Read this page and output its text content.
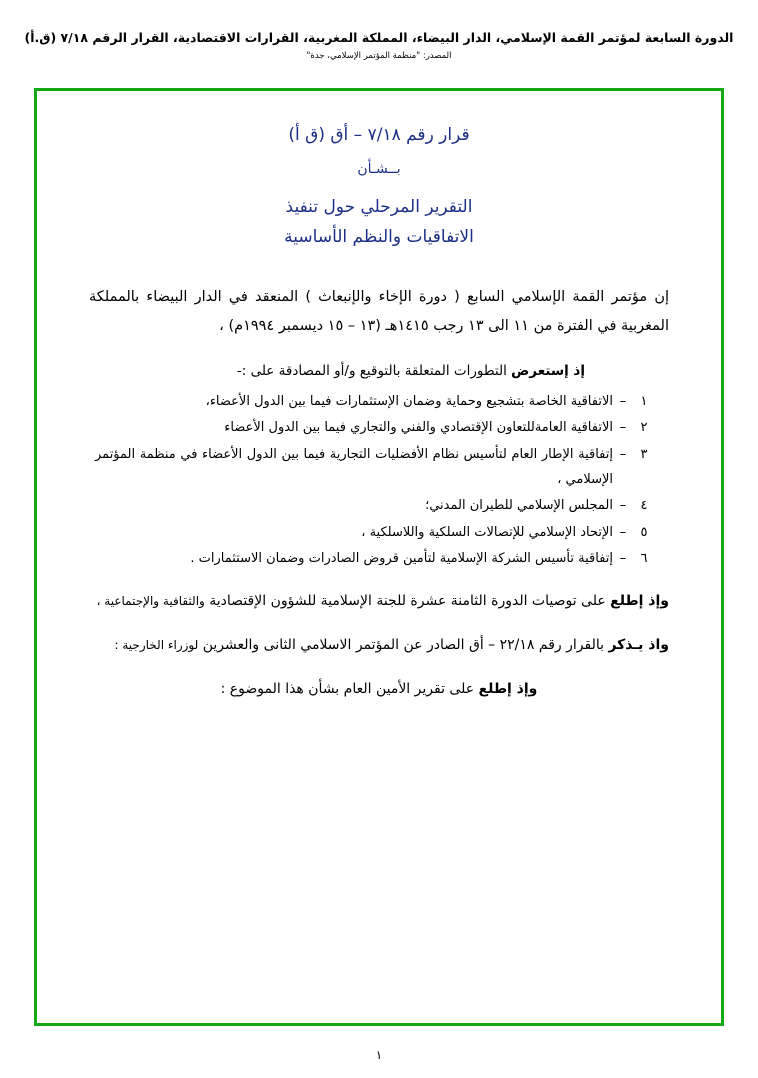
الدورة السابعة لمؤتمر القمة الإسلامي، الدار البيضاء، المملكة المغربية، القرارات الاقتصادية، القرار الرقم ٧/١٨ (ق.أ)
المصدر: "منظمة المؤتمر الإسلامي، جدة"
قرار رقم ٧/١٨ – أق (ق أ)
بــشـأن
التقرير المرحلي حول تنفيذ
الاتفاقيات والنظم الأساسية

إن مؤتمر القمة الإسلامي السابع ( دورة الإخاء والإنبعاث ) المنعقد في الدار البيضاء بالمملكة المغربية في الفترة من ١١ الى ١٣ رجب ١٤١٥هـ (١٣ – ١٥ ديسمبر ١٩٩٤م) ،

إذ إستعرض التطورات المتعلقة بالتوقيع و/أو المصادقة على :-
١
–
الاتفاقية الخاصة بتشجيع وحماية وضمان الإستثمارات فيما بين الدول الأعضاء،
٢
–
الاتفاقية العامةللتعاون الإقتصادي والفني والتجاري فيما بين الدول الأعضاء
٣
–
إتفاقية الإطار العام لتأسيس نظام الأفضليات التجارية فيما بين الدول الأعضاء في منظمة المؤتمر الإسلامي ،
٤
–
المجلس الإسلامي للطيران المدني؛
٥
–
الإتحاد الإسلامي للإتصالات السلكية واللاسلكية ،
٦
–
إتفاقية تأسيس الشركة الإسلامية لتأمين قروض الصادرات وضمان الاستثمارات .
وإذ إطلع على توصيات الدورة الثامنة عشرة للجنة الإسلامية للشؤون الإقتصادية والثقافية والإجتماعية ،
واذ يـذكر بالقرار رقم ٢٢/١٨ – أق الصادر عن المؤتمر الاسلامي الثانى والعشرين لوزراء الخارجية :
وإذ إطلع على تقرير الأمين العام بشأن هذا الموضوع :
١
